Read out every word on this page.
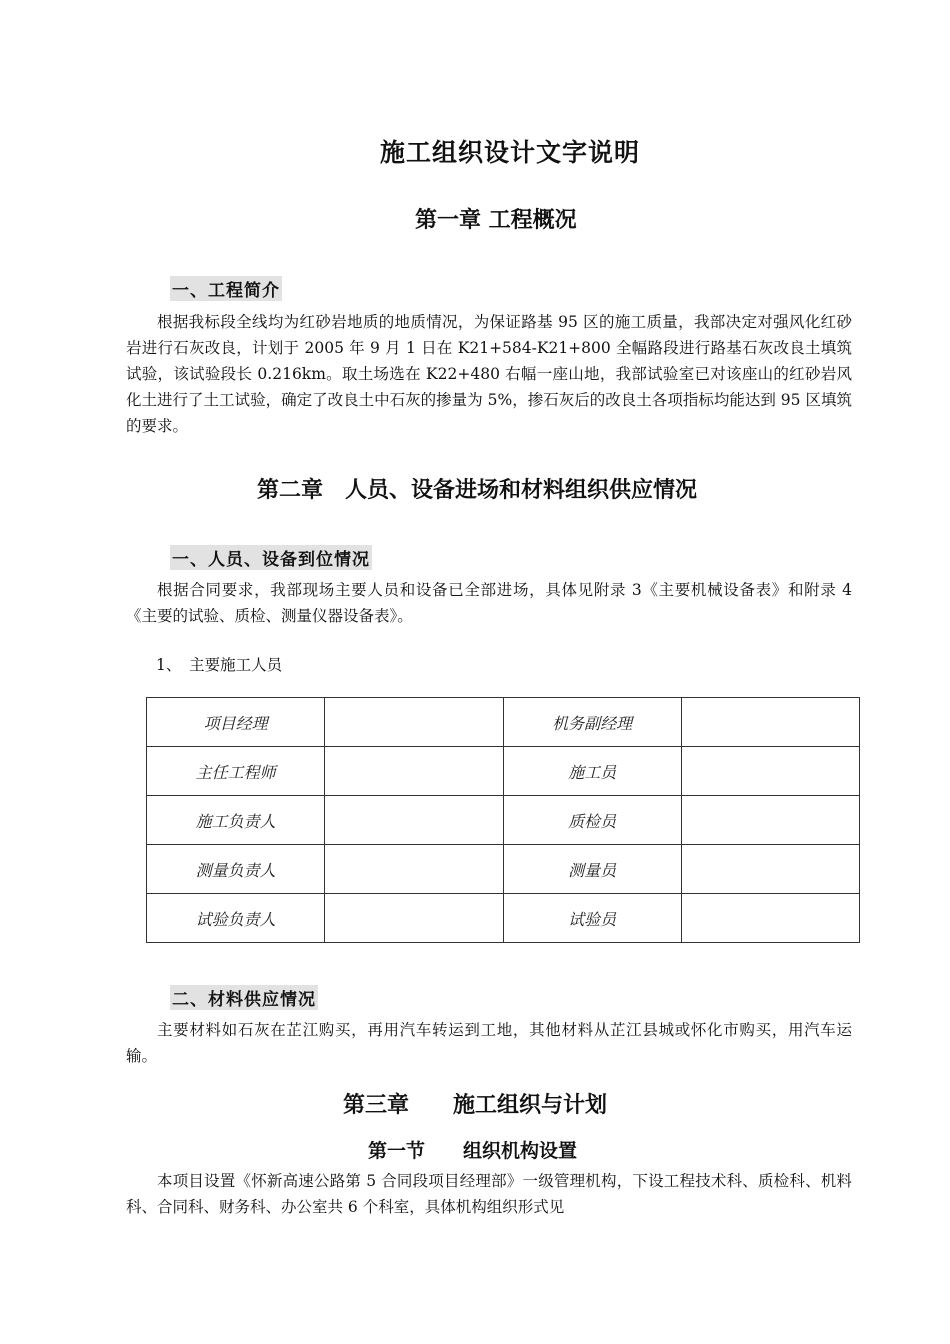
施工组织设计文字说明
第一章 工程概况
一、工程简介
根据我标段全线均为红砂岩地质的地质情况，为保证路基 95 区的施工质量，我部决定对强风化红砂岩进行石灰改良，计划于 2005 年 9 月 1 日在 K21+584-K21+800 全幅路段进行路基石灰改良土填筑试验，该试验段长 0.216km。取土场选在 K22+480 右幅一座山地，我部试验室已对该座山的红砂岩风化土进行了土工试验，确定了改良土中石灰的掺量为 5%，掺石灰后的改良土各项指标均能达到 95 区填筑的要求。
第二章　人员、设备进场和材料组织供应情况
一、人员、设备到位情况
根据合同要求，我部现场主要人员和设备已全部进场，具体见附录 3《主要机械设备表》和附录 4《主要的试验、质检、测量仪器设备表》。
1、　主要施工人员
项目经理		机务副经理	
主任工程师		施工员	
施工负责人		质检员	
测量负责人		测量员	
试验负责人		试验员	
二、材料供应情况
主要材料如石灰在芷江购买，再用汽车转运到工地，其他材料从芷江县城或怀化市购买，用汽车运输。
第三章　　施工组织与计划
第一节　　组织机构设置
本项目设置《怀新高速公路第 5 合同段项目经理部》一级管理机构，下设工程技术科、质检科、机料科、合同科、财务科、办公室共 6 个科室，具体机构组织形式见
